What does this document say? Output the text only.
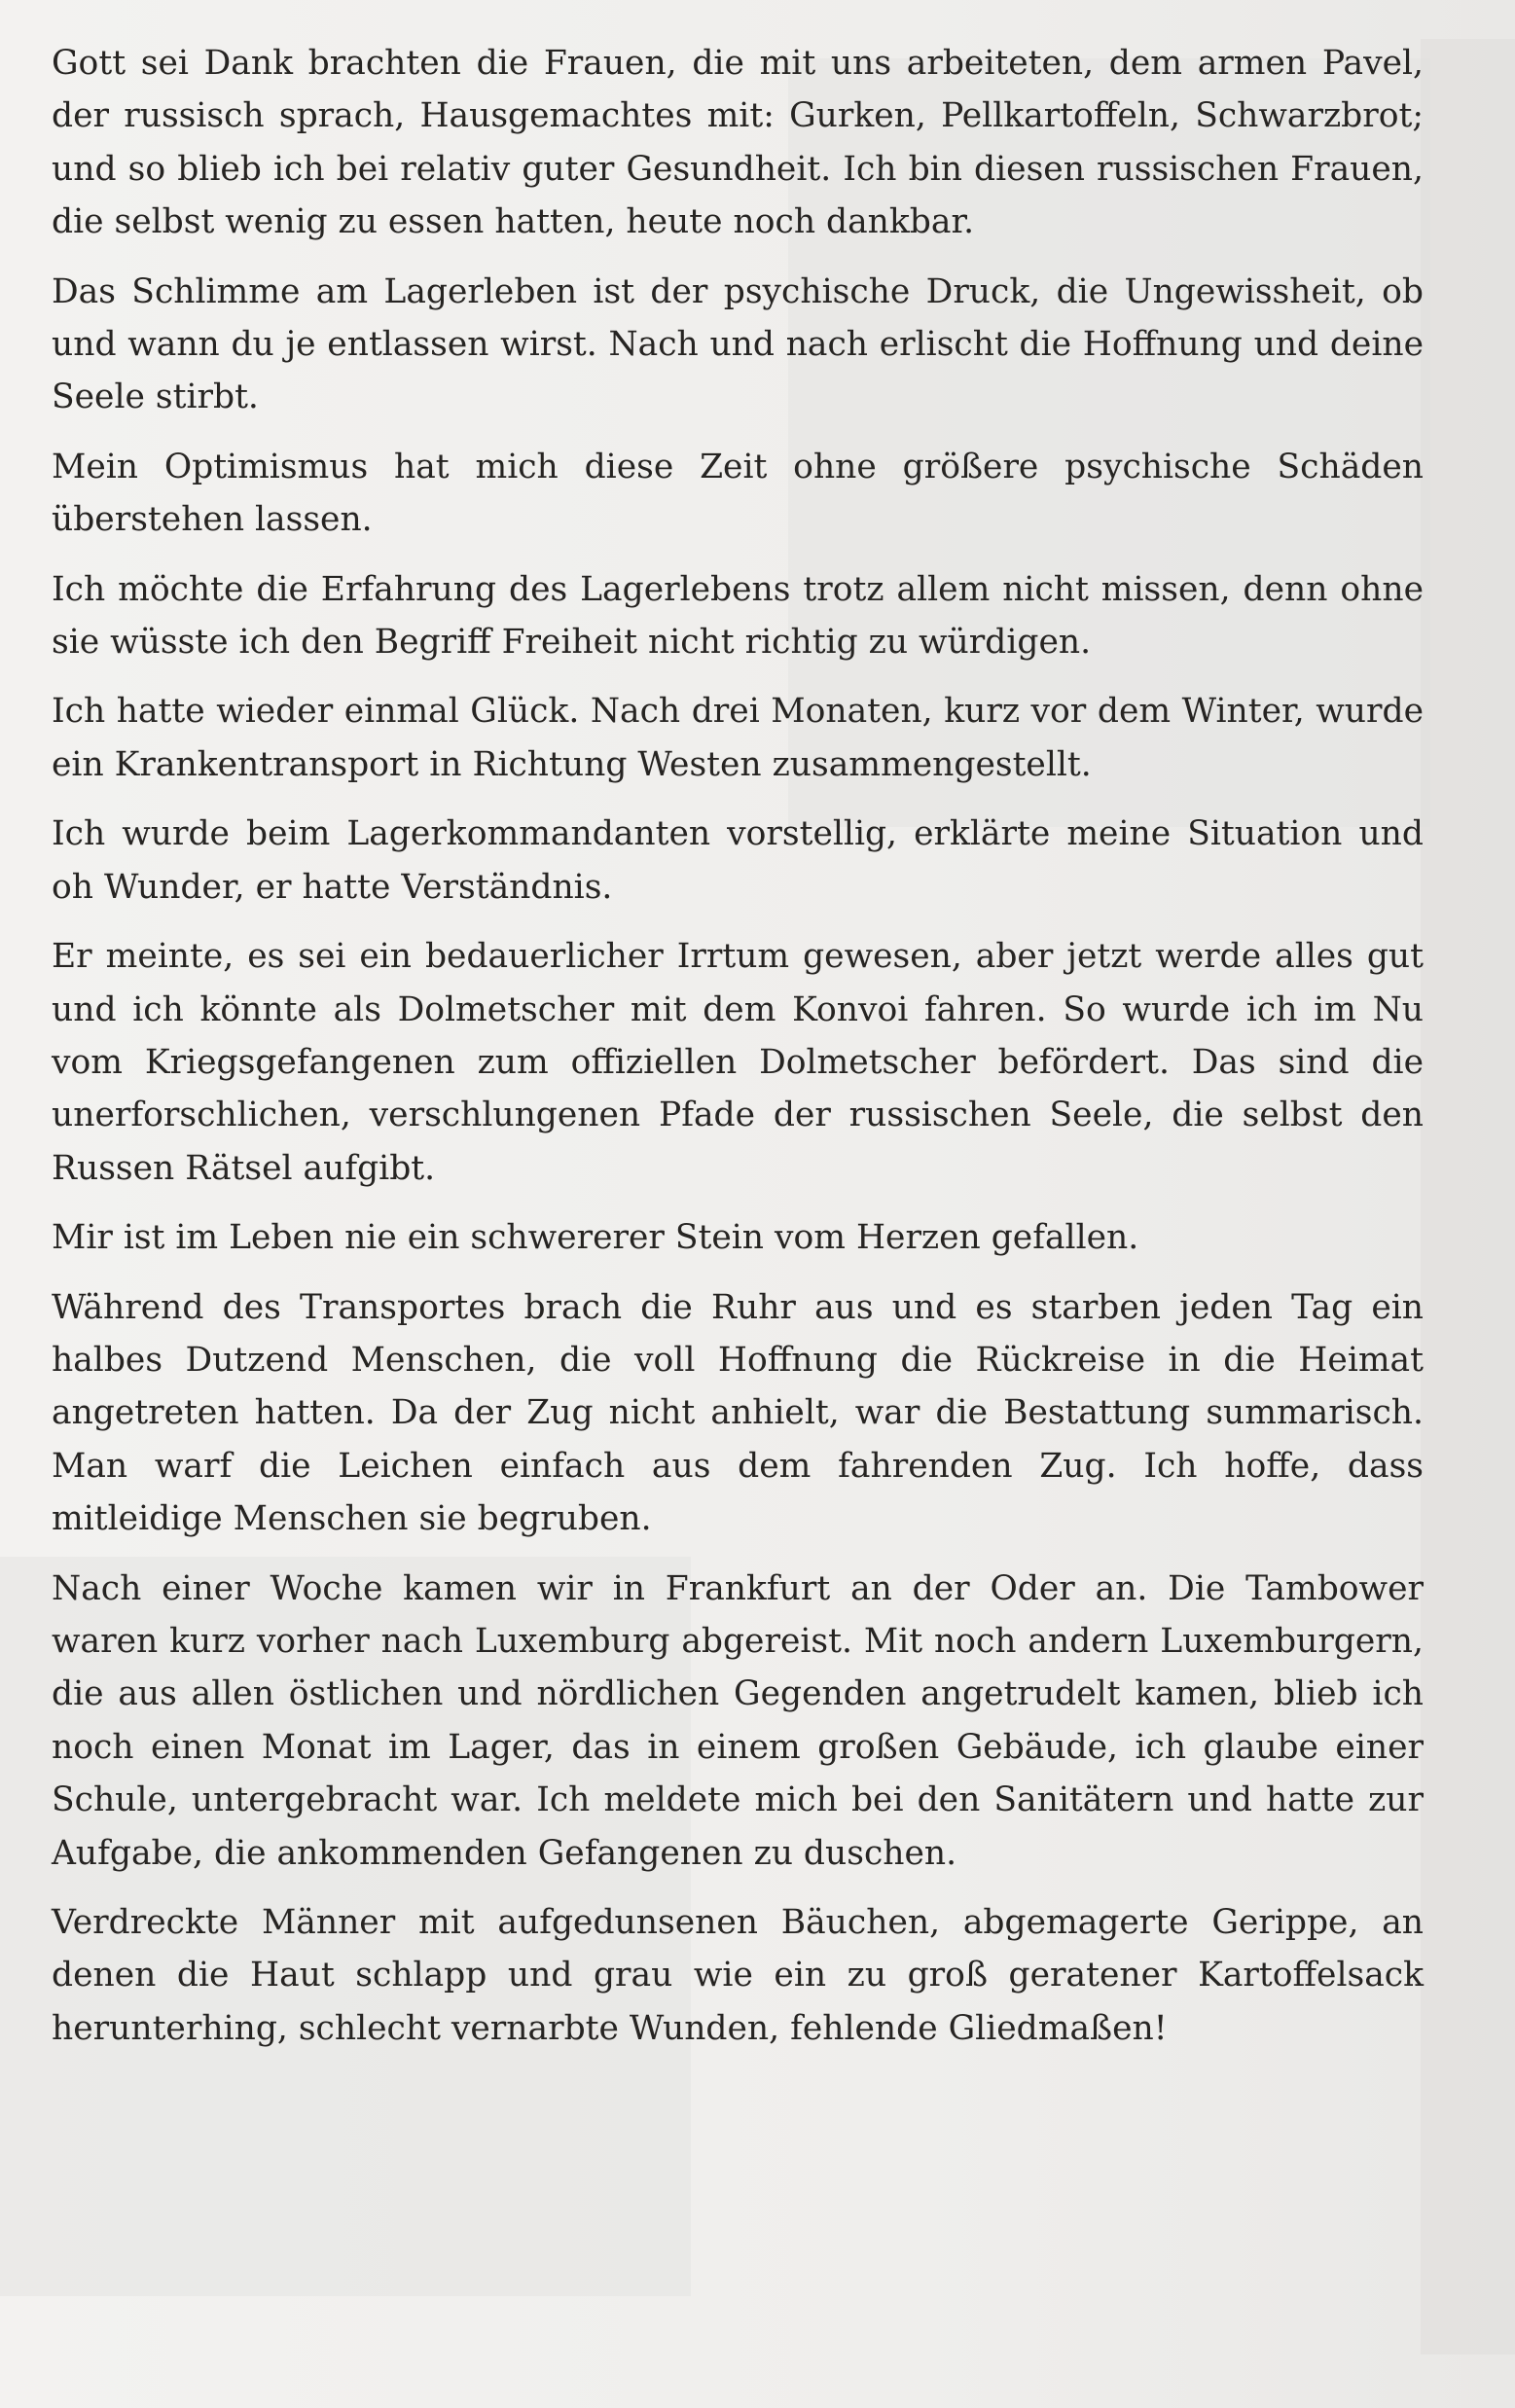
Gott sei Dank brachten die Frauen, die mit uns arbeiteten, dem armen Pavel, der russisch sprach, Hausgemachtes mit: Gurken, Pellkartoffeln, Schwarzbrot; und so blieb ich bei relativ guter Gesundheit. Ich bin diesen russischen Frauen, die selbst wenig zu essen hatten, heute noch dankbar.

Das Schlimme am Lagerleben ist der psychische Druck, die Ungewissheit, ob und wann du je entlassen wirst. Nach und nach erlischt die Hoffnung und deine Seele stirbt.

Mein Optimismus hat mich diese Zeit ohne größere psychische Schäden überstehen lassen.

Ich möchte die Erfahrung des Lagerlebens trotz allem nicht missen, denn ohne sie wüsste ich den Begriff Freiheit nicht richtig zu würdigen.

Ich hatte wieder einmal Glück. Nach drei Monaten, kurz vor dem Winter, wurde ein Krankentransport in Richtung Westen zusammengestellt.

Ich wurde beim Lagerkommandanten vorstellig, erklärte meine Situation und oh Wunder, er hatte Verständnis.

Er meinte, es sei ein bedauerlicher Irrtum gewesen, aber jetzt werde alles gut und ich könnte als Dolmetscher mit dem Konvoi fahren. So wurde ich im Nu vom Kriegsgefangenen zum offiziellen Dolmetscher befördert. Das sind die unerforschlichen, verschlungenen Pfade der russischen Seele, die selbst den Russen Rätsel aufgibt.

Mir ist im Leben nie ein schwererer Stein vom Herzen gefallen.

Während des Transportes brach die Ruhr aus und es starben jeden Tag ein halbes Dutzend Menschen, die voll Hoffnung die Rückreise in die Heimat angetreten hatten. Da der Zug nicht anhielt, war die Bestattung summarisch. Man warf die Leichen einfach aus dem fahrenden Zug. Ich hoffe, dass mitleidige Menschen sie begruben.

Nach einer Woche kamen wir in Frankfurt an der Oder an. Die Tambower waren kurz vorher nach Luxemburg abgereist. Mit noch andern Luxemburgern, die aus allen östlichen und nördlichen Gegenden angetrudelt kamen, blieb ich noch einen Monat im Lager, das in einem großen Gebäude, ich glaube einer Schule, untergebracht war. Ich meldete mich bei den Sanitätern und hatte zur Aufgabe, die ankommenden Gefangenen zu duschen.

Verdreckte Männer mit aufgedunsenen Bäuchen, abgemagerte Gerippe, an denen die Haut schlapp und grau wie ein zu groß geratener Kartoffelsack herunterhing, schlecht vernarbte Wunden, fehlende Gliedmaßen!
